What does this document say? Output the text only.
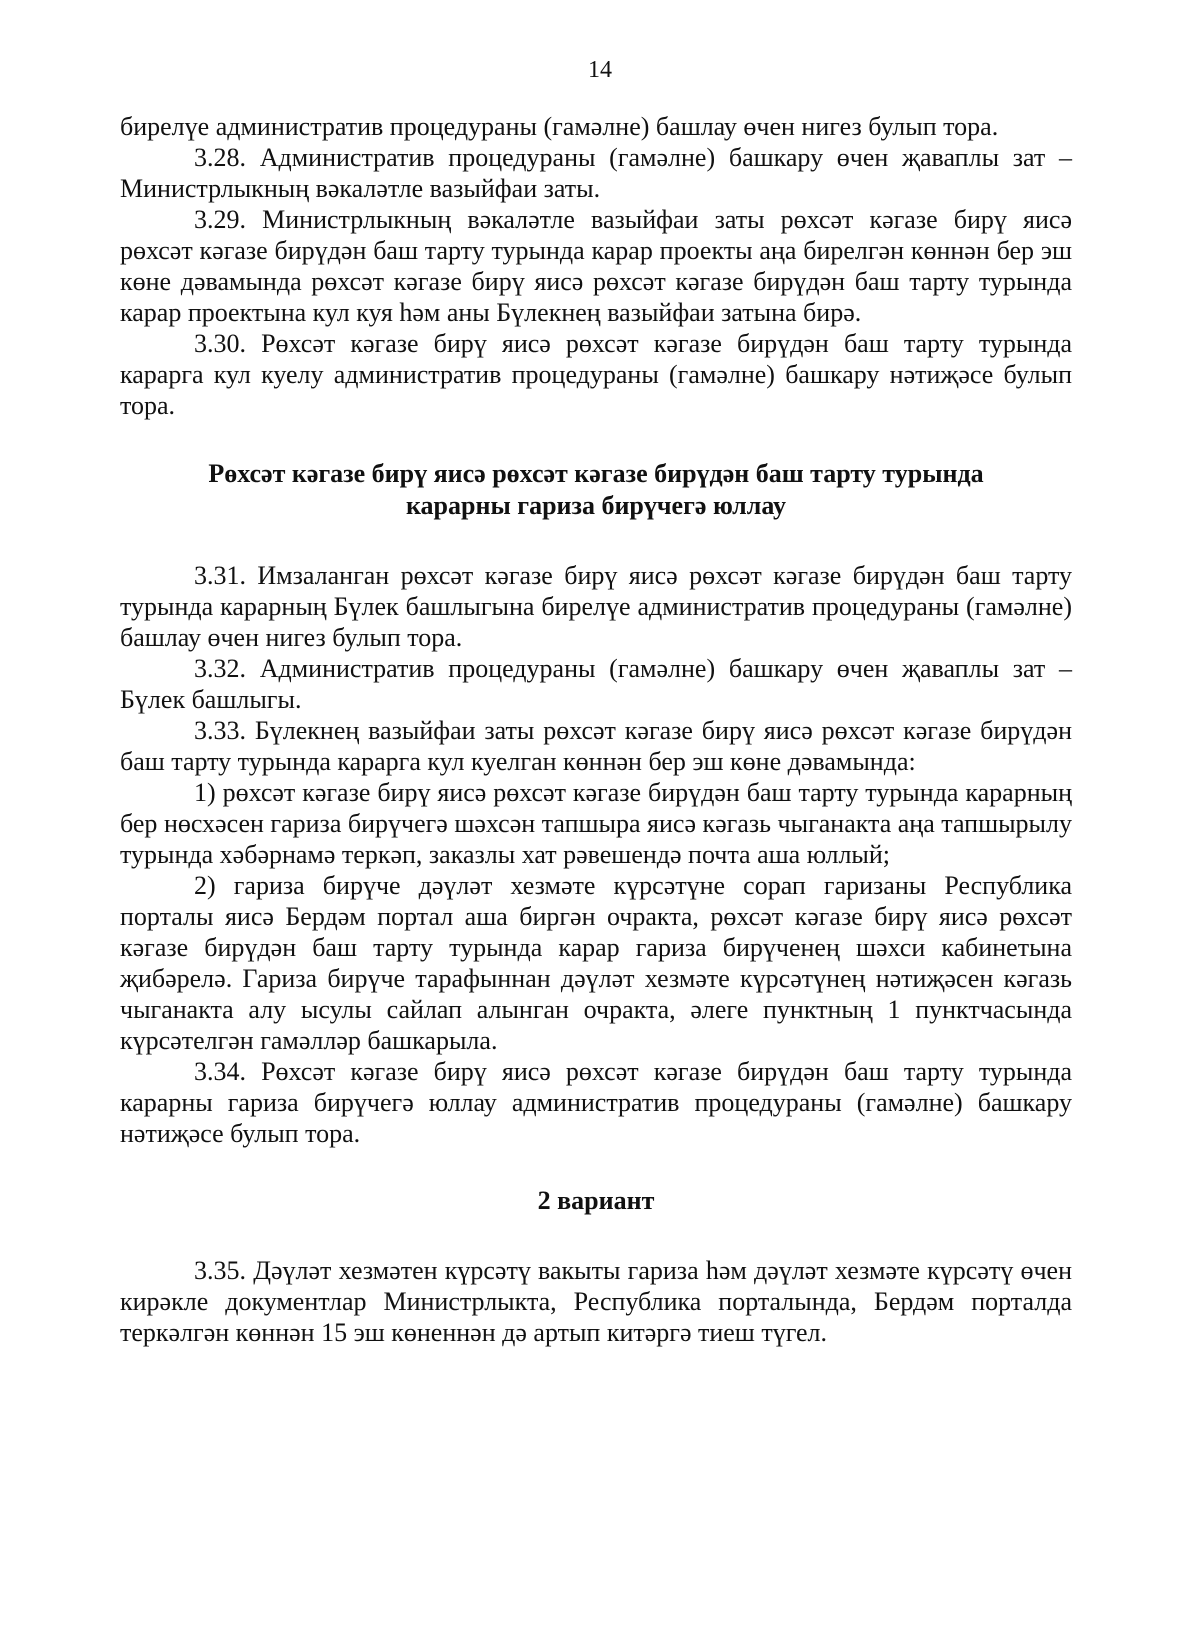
14

бирелүе административ процедураны (гамәлне) башлау өчен нигез булып тора.

3.28. Административ процедураны (гамәлне) башкару өчен җаваплы зат – Министрлыкның вәкаләтле вазыйфаи заты.

3.29. Министрлыкның вәкаләтле вазыйфаи заты рөхсәт кәгазе бирү яисә рөхсәт кәгазе бирүдән баш тарту турында карар проекты аңа бирелгән көннән бер эш көне дәвамында рөхсәт кәгазе бирү яисә рөхсәт кәгазе бирүдән баш тарту турында карар проектына кул куя һәм аны Бүлекнең вазыйфаи затына бирә.

3.30. Рөхсәт кәгазе бирү яисә рөхсәт кәгазе бирүдән баш тарту турында карарга кул куелу административ процедураны (гамәлне) башкару нәтиҗәсе булып тора.

Рөхсәт кәгазе бирү яисә рөхсәт кәгазе бирүдән баш тарту турында карарны гариза бирүчегә юллау

3.31. Имзаланган рөхсәт кәгазе бирү яисә рөхсәт кәгазе бирүдән баш тарту турында карарның Бүлек башлыгына бирелүе административ процедураны (гамәлне) башлау өчен нигез булып тора.

3.32. Административ процедураны (гамәлне) башкару өчен җаваплы зат – Бүлек башлыгы.

3.33. Бүлекнең вазыйфаи заты рөхсәт кәгазе бирү яисә рөхсәт кәгазе бирүдән баш тарту турында карарга кул куелган көннән бер эш көне дәвамында:

1) рөхсәт кәгазе бирү яисә рөхсәт кәгазе бирүдән баш тарту турында карарның бер нөсхәсен гариза бирүчегә шәхсән тапшыра яисә кәгазь чыганакта аңа тапшырылу турында хәбәрнамә теркәп, заказлы хат рәвешендә почта аша юллый;

2) гариза бирүче дәүләт хезмәте күрсәтүне сорап гаризаны Республика порталы яисә Бердәм портал аша биргән очракта, рөхсәт кәгазе бирү яисә рөхсәт кәгазе бирүдән баш тарту турында карар гариза бирүченең шәхси кабинетына җибәрелә. Гариза бирүче тарафыннан дәүләт хезмәте күрсәтүнең нәтиҗәсен кәгазь чыганакта алу ысулы сайлап алынган очракта, әлеге пунктның 1 пунктчасында күрсәтелгән гамәлләр башкарыла.

3.34. Рөхсәт кәгазе бирү яисә рөхсәт кәгазе бирүдән баш тарту турында карарны гариза бирүчегә юллау административ процедураны (гамәлне) башкару нәтиҗәсе булып тора.

2 вариант

3.35. Дәүләт хезмәтен күрсәтү вакыты гариза һәм дәүләт хезмәте күрсәтү өчен кирәкле документлар Министрлыкта, Республика порталында, Бердәм порталда теркәлгән көннән 15 эш көненнән дә артып китәргә тиеш түгел.
